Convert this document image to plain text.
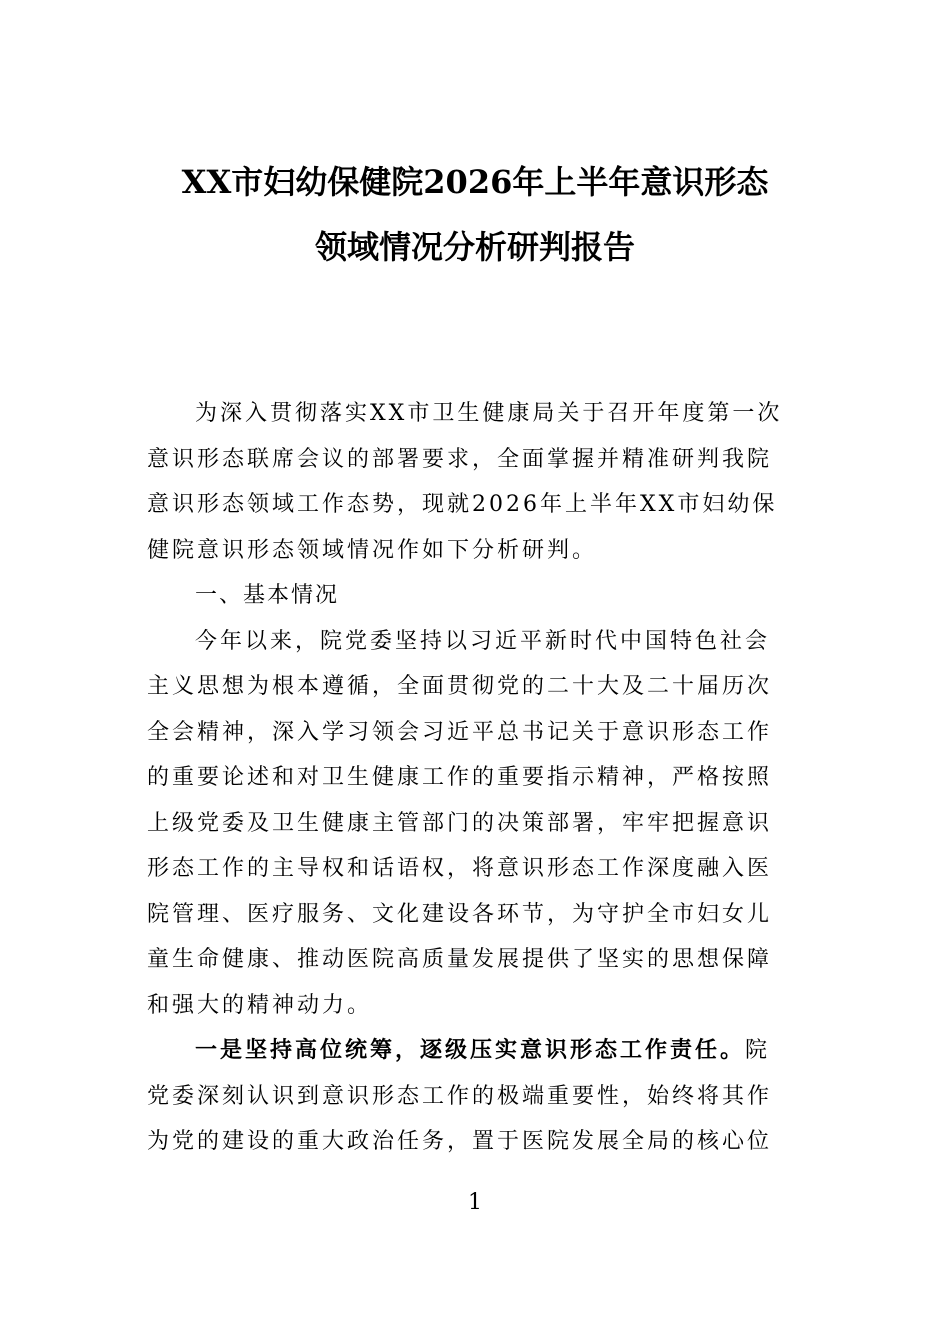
XX市妇幼保健院2026年上半年意识形态
领域情况分析研判报告
为深入贯彻落实XX市卫生健康局关于召开年度第一次
意识形态联席会议的部署要求，全面掌握并精准研判我院
意识形态领域工作态势，现就2026年上半年XX市妇幼保
健院意识形态领域情况作如下分析研判。
一、基本情况
今年以来，院党委坚持以习近平新时代中国特色社会
主义思想为根本遵循，全面贯彻党的二十大及二十届历次
全会精神，深入学习领会习近平总书记关于意识形态工作
的重要论述和对卫生健康工作的重要指示精神，严格按照
上级党委及卫生健康主管部门的决策部署，牢牢把握意识
形态工作的主导权和话语权，将意识形态工作深度融入医
院管理、医疗服务、文化建设各环节，为守护全市妇女儿
童生命健康、推动医院高质量发展提供了坚实的思想保障
和强大的精神动力。
一是坚持高位统筹，逐级压实意识形态工作责任。院
党委深刻认识到意识形态工作的极端重要性，始终将其作
为党的建设的重大政治任务，置于医院发展全局的核心位
1
